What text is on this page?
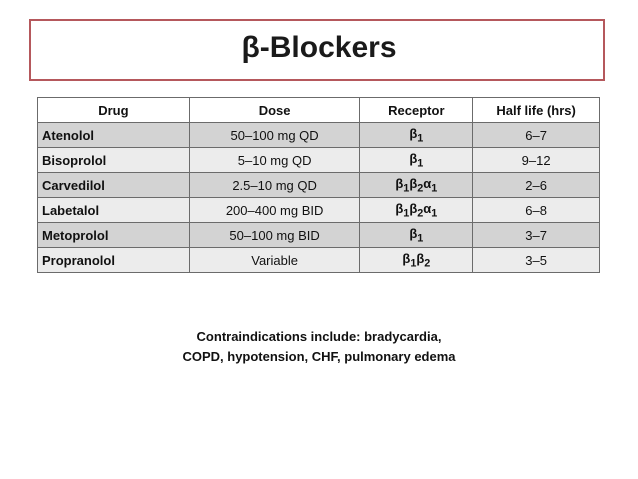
β-Blockers
Drug	Dose	Receptor	Half life (hrs)
Atenolol	50–100 mg QD	$\beta_1$	6–7
Bisoprolol	5–10 mg QD	$\beta_1$	9–12
Carvedilol	2.5–10 mg QD	$\beta_1\beta_2\alpha_1$	2–6
Labetalol	200–400 mg BID	$\beta_1\beta_2\alpha_1$	6–8
Metoprolol	50–100 mg BID	$\beta_1$	3–7
Propranolol	Variable	$\beta_1\beta_2$	3–5
Contraindications include: bradycardia,
COPD, hypotension, CHF, pulmonary edema
